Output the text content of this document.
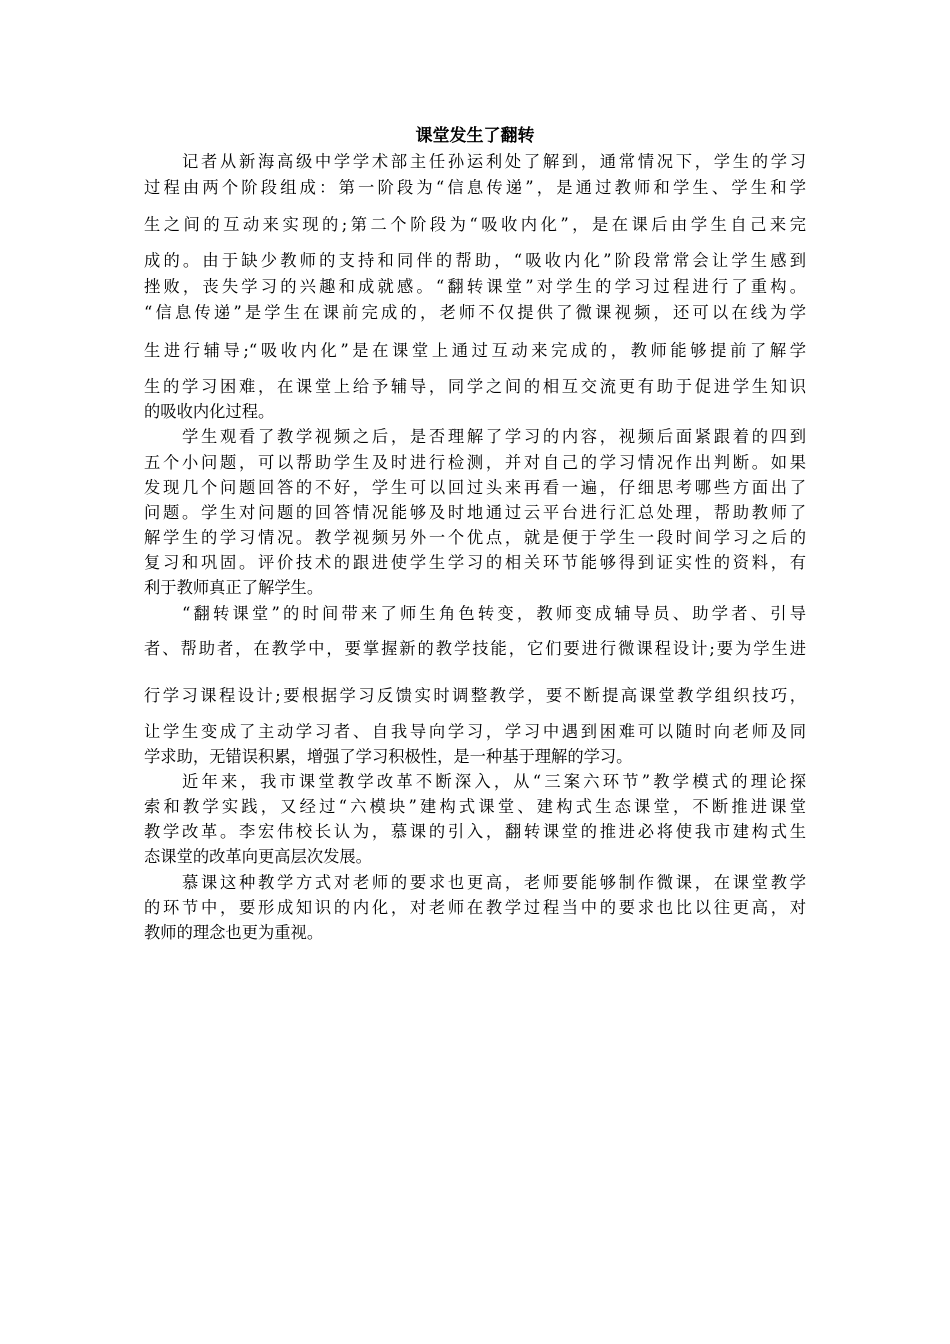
课堂发生了翻转
记者从新海高级中学学术部主任孙运利处了解到，通常情况下，学生的学习
过程由两个阶段组成：第一阶段为“信息传递”，是通过教师和学生、学生和学
生之间的互动来实现的;第二个阶段为“吸收内化”，是在课后由学生自己来完
成的。由于缺少教师的支持和同伴的帮助，“吸收内化”阶段常常会让学生感到
挫败，丧失学习的兴趣和成就感。“翻转课堂”对学生的学习过程进行了重构。
“信息传递”是学生在课前完成的，老师不仅提供了微课视频，还可以在线为学
生进行辅导;“吸收内化”是在课堂上通过互动来完成的，教师能够提前了解学
生的学习困难，在课堂上给予辅导，同学之间的相互交流更有助于促进学生知识
的吸收内化过程。
学生观看了教学视频之后，是否理解了学习的内容，视频后面紧跟着的四到
五个小问题，可以帮助学生及时进行检测，并对自己的学习情况作出判断。如果
发现几个问题回答的不好，学生可以回过头来再看一遍，仔细思考哪些方面出了
问题。学生对问题的回答情况能够及时地通过云平台进行汇总处理，帮助教师了
解学生的学习情况。教学视频另外一个优点，就是便于学生一段时间学习之后的
复习和巩固。评价技术的跟进使学生学习的相关环节能够得到证实性的资料，有
利于教师真正了解学生。
“翻转课堂”的时间带来了师生角色转变，教师变成辅导员、助学者、引导
者、帮助者，在教学中，要掌握新的教学技能，它们要进行微课程设计;要为学生进
行学习课程设计;要根据学习反馈实时调整教学，要不断提高课堂教学组织技巧，
让学生变成了主动学习者、自我导向学习，学习中遇到困难可以随时向老师及同
学求助，无错误积累，增强了学习积极性，是一种基于理解的学习。
近年来，我市课堂教学改革不断深入，从“三案六环节”教学模式的理论探
索和教学实践，又经过“六模块”建构式课堂、建构式生态课堂，不断推进课堂
教学改革。李宏伟校长认为，慕课的引入，翻转课堂的推进必将使我市建构式生
态课堂的改革向更高层次发展。
慕课这种教学方式对老师的要求也更高，老师要能够制作微课，在课堂教学
的环节中，要形成知识的内化，对老师在教学过程当中的要求也比以往更高，对
教师的理念也更为重视。
